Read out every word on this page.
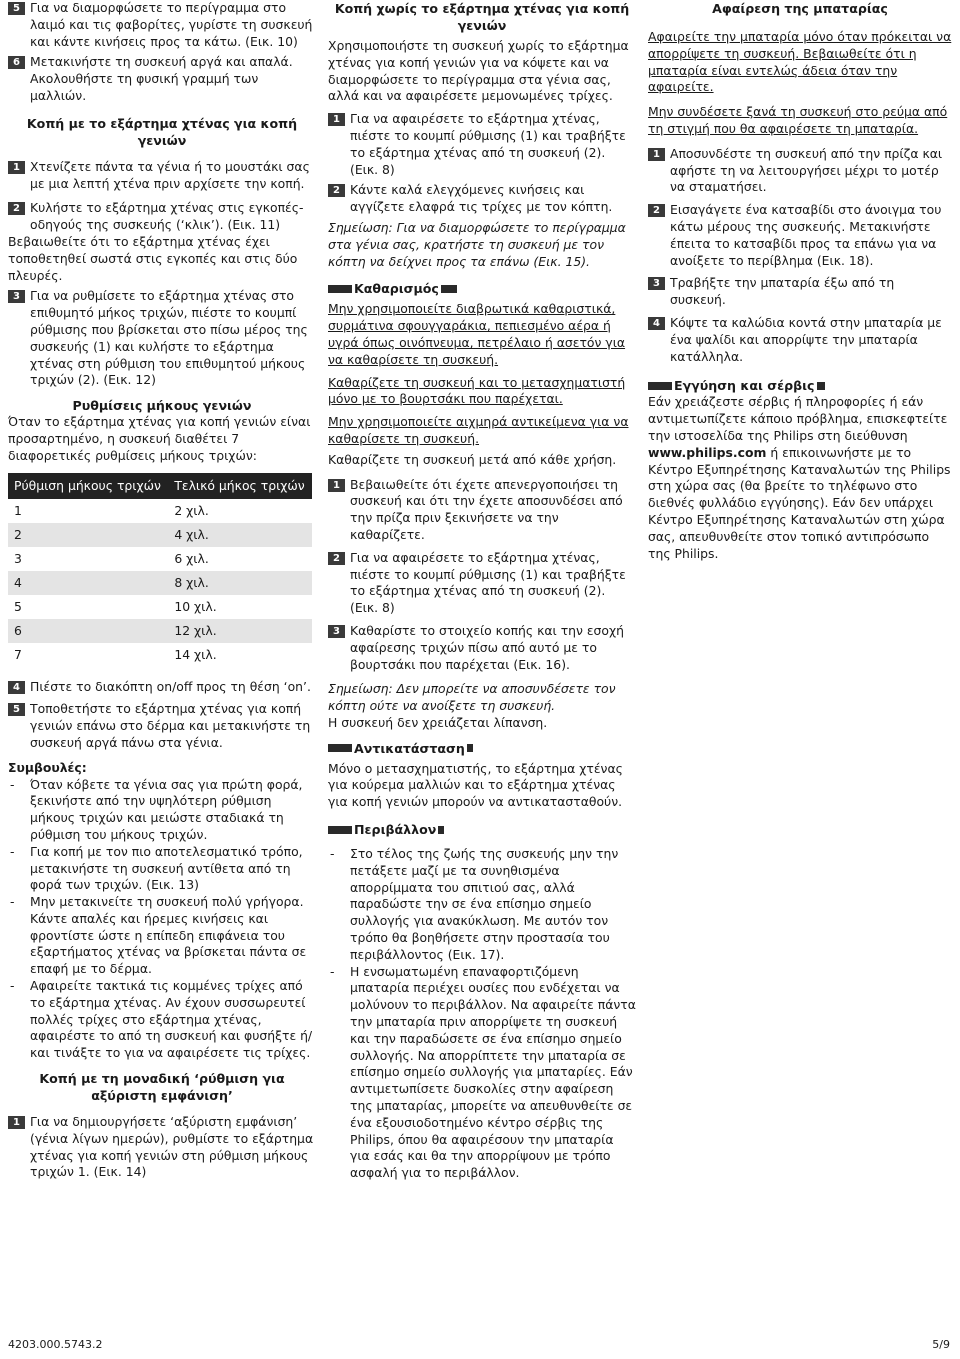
5 Για να διαμορφώσετε το περίγραμμα στο λαιμό και τις φαβορίτες, γυρίστε τη συσκευή και κάντε κινήσεις προς τα κάτω. (Εικ. 10)
6 Μετακινήστε τη συσκευή αργά και απαλά. Ακολουθήστε τη φυσική γραμμή των μαλλιών.

Κοπή με το εξάρτημα χτένας για κοπή γενιών

1 Χτενίζετε πάντα τα γένια ή το μουστάκι σας με μια λεπτή χτένα πριν αρχίσετε την κοπή.
2 Κυλήστε το εξάρτημα χτένας στις εγκοπές-οδηγούς της συσκευής (‘κλικ’). (Εικ. 11)

Βεβαιωθείτε ότι το εξάρτημα χτένας έχει τοποθετηθεί σωστά στις εγκοπές και στις δύο πλευρές.

3 Για να ρυθμίσετε το εξάρτημα χτένας στο επιθυμητό μήκος τριχών, πιέστε το κουμπί ρύθμισης που βρίσκεται στο πίσω μέρος της συσκευής (1) και κυλήστε το εξάρτημα χτένας στη ρύθμιση του επιθυμητού μήκους τριχών (2). (Εικ. 12)

Ρυθμίσεις μήκους γενιών

Όταν το εξάρτημα χτένας για κοπή γενιών είναι προσαρτημένο, η συσκευή διαθέτει 7 διαφορετικές ρυθμίσεις μήκους τριχών:

Ρύθμιση μήκους τριχών	Τελικό μήκος τριχών
1	2 χιλ.
2	4 χιλ.
3	6 χιλ.
4	8 χιλ.
5	10 χιλ.
6	12 χιλ.
7	14 χιλ.
4 Πιέστε το διακόπτη on/off προς τη θέση ‘on’.
5 Τοποθετήστε το εξάρτημα χτένας για κοπή γενιών επάνω στο δέρμα και μετακινήστε τη συσκευή αργά πάνω στα γένια.

Συμβουλές:

- Όταν κόβετε τα γένια σας για πρώτη φορά, ξεκινήστε από την υψηλότερη ρύθμιση μήκους τριχών και μειώστε σταδιακά τη ρύθμιση του μήκους τριχών.
- Για κοπή με τον πιο αποτελεσματικό τρόπο, μετακινήστε τη συσκευή αντίθετα από τη φορά των τριχών. (Εικ. 13)
- Μην μετακινείτε τη συσκευή πολύ γρήγορα. Κάντε απαλές και ήρεμες κινήσεις και φροντίστε ώστε η επίπεδη επιφάνεια του εξαρτήματος χτένας να βρίσκεται πάντα σε επαφή με το δέρμα.
- Αφαιρείτε τακτικά τις κομμένες τρίχες από το εξάρτημα χτένας. Αν έχουν συσσωρευτεί πολλές τρίχες στο εξάρτημα χτένας, αφαιρέστε το από τη συσκευή και φυσήξτε ή/και τινάξτε το για να αφαιρέσετε τις τρίχες.

Κοπή με τη μοναδική ‘ρύθμιση για αξύριστη εμφάνιση’

1 Για να δημιουργήσετε ‘αξύριστη εμφάνιση’ (γένια λίγων ημερών), ρυθμίστε το εξάρτημα χτένας για κοπή γενιών στη ρύθμιση μήκους τριχών 1. (Εικ. 14)

Κοπή χωρίς το εξάρτημα χτένας για κοπή γενιών

Χρησιμοποιήστε τη συσκευή χωρίς το εξάρτημα χτένας για κοπή γενιών για να κόψετε και να διαμορφώσετε το περίγραμμα στα γένια σας, αλλά και να αφαιρέσετε μεμονωμένες τρίχες.

1 Για να αφαιρέσετε το εξάρτημα χτένας, πιέστε το κουμπί ρύθμισης (1) και τραβήξτε το εξάρτημα χτένας από τη συσκευή (2). (Εικ. 8)
2 Κάντε καλά ελεγχόμενες κινήσεις και αγγίζετε ελαφρά τις τρίχες με τον κόπτη.

Σημείωση: Για να διαμορφώσετε το περίγραμμα στα γένια σας, κρατήστε τη συσκευή με τον κόπτη να δείχνει προς τα επάνω (Εικ. 15).

Καθαρισμός

Μην χρησιμοποιείτε διαβρωτικά καθαριστικά, συρμάτινα σφουγγαράκια, πεπιεσμένο αέρα ή υγρά όπως οινόπνευμα, πετρέλαιο ή ασετόν για να καθαρίσετε τη συσκευή.

Καθαρίζετε τη συσκευή και το μετασχηματιστή μόνο με το βουρτσάκι που παρέχεται.

Μην χρησιμοποιείτε αιχμηρά αντικείμενα για να καθαρίσετε τη συσκευή.

Καθαρίζετε τη συσκευή μετά από κάθε χρήση.

1 Βεβαιωθείτε ότι έχετε απενεργοποιήσει τη συσκευή και ότι την έχετε αποσυνδέσει από την πρίζα πριν ξεκινήσετε να την καθαρίζετε.
2 Για να αφαιρέσετε το εξάρτημα χτένας, πιέστε το κουμπί ρύθμισης (1) και τραβήξτε το εξάρτημα χτένας από τη συσκευή (2). (Εικ. 8)
3 Καθαρίστε το στοιχείο κοπής και την εσοχή αφαίρεσης τριχών πίσω από αυτό με το βουρτσάκι που παρέχεται (Εικ. 16).

Σημείωση: Δεν μπορείτε να αποσυνδέσετε τον κόπτη ούτε να ανοίξετε τη συσκευή.

Η συσκευή δεν χρειάζεται λίπανση.

Αντικατάσταση

Μόνο ο μετασχηματιστής, το εξάρτημα χτένας για κούρεμα μαλλιών και το εξάρτημα χτένας για κοπή γενιών μπορούν να αντικατασταθούν.

Περιβάλλον
- Στο τέλος της ζωής της συσκευής μην την πετάξετε μαζί με τα συνηθισμένα απορρίμματα του σπιτιού σας, αλλά παραδώστε την σε ένα επίσημο σημείο συλλογής για ανακύκλωση. Με αυτόν τον τρόπο θα βοηθήσετε στην προστασία του περιβάλλοντος (Εικ. 17).
- Η ενσωματωμένη επαναφορτιζόμενη μπαταρία περιέχει ουσίες που ενδέχεται να μολύνουν το περιβάλλον. Να αφαιρείτε πάντα την μπαταρία πριν απορρίψετε τη συσκευή και την παραδώσετε σε ένα επίσημο σημείο συλλογής. Να απορρίπτετε την μπαταρία σε επίσημο σημείο συλλογής για μπαταρίες. Εάν αντιμετωπίσετε δυσκολίες στην αφαίρεση της μπαταρίας, μπορείτε να απευθυνθείτε σε ένα εξουσιοδοτημένο κέντρο σέρβις της Philips, όπου θα αφαιρέσουν την μπαταρία για εσάς και θα την απορρίψουν με τρόπο ασφαλή για το περιβάλλον.

Αφαίρεση της μπαταρίας

Αφαιρείτε την μπαταρία μόνο όταν πρόκειται να απορρίψετε τη συσκευή. Βεβαιωθείτε ότι η μπαταρία είναι εντελώς άδεια όταν την αφαιρείτε.

Μην συνδέσετε ξανά τη συσκευή στο ρεύμα από τη στιγμή που θα αφαιρέσετε τη μπαταρία.

1 Αποσυνδέστε τη συσκευή από την πρίζα και αφήστε τη να λειτουργήσει μέχρι το μοτέρ να σταματήσει.
2 Εισαγάγετε ένα κατσαβίδι στο άνοιγμα του κάτω μέρους της συσκευής. Μετακινήστε έπειτα το κατσαβίδι προς τα επάνω για να ανοίξετε το περίβλημα (Εικ. 18).
3 Τραβήξτε την μπαταρία έξω από τη συσκευή.
4 Κόψτε τα καλώδια κοντά στην μπαταρία με ένα ψαλίδι και απορρίψτε την μπαταρία κατάλληλα.
Εγγύηση και σέρβις

Εάν χρειάζεστε σέρβις ή πληροφορίες ή εάν αντιμετωπίζετε κάποιο πρόβλημα, επισκεφτείτε την ιστοσελίδα της Philips στη διεύθυνση www.philips.com ή επικοινωνήστε με το Κέντρο Εξυπηρέτησης Καταναλωτών της Philips στη χώρα σας (θα βρείτε το τηλέφωνο στο διεθνές φυλλάδιο εγγύησης). Εάν δεν υπάρχει Κέντρο Εξυπηρέτησης Καταναλωτών στη χώρα σας, απευθυνθείτε στον τοπικό αντιπρόσωπο της Philips.

4203.000.5743.2	5/9
